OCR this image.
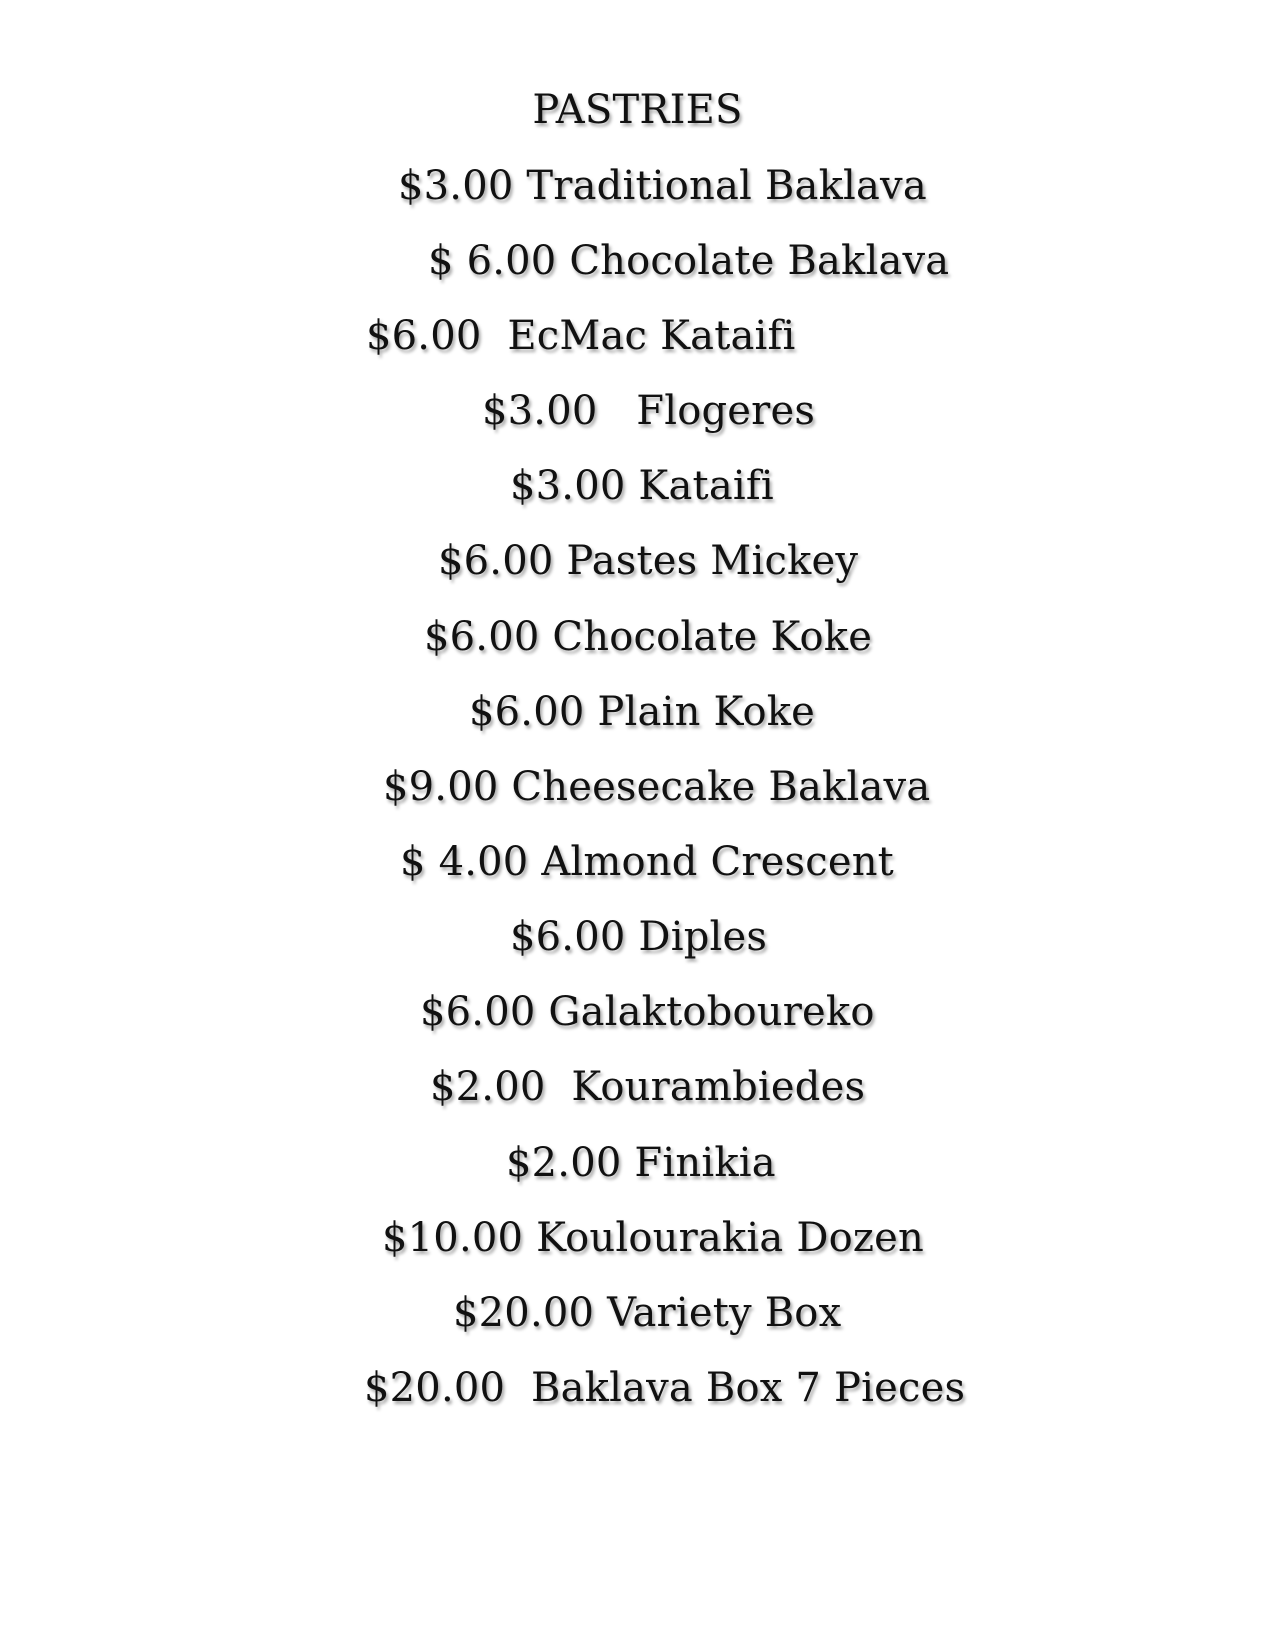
PASTRIES
$3.00 Traditional Baklava
$ 6.00 Chocolate Baklava
$6.00  EcMac Kataifi
$3.00   Flogeres
$3.00 Kataifi
$6.00 Pastes Mickey
$6.00 Chocolate Koke
$6.00 Plain Koke
$9.00 Cheesecake Baklava
$ 4.00 Almond Crescent
$6.00 Diples
$6.00 Galaktoboureko
$2.00  Kourambiedes
$2.00 Finikia
$10.00 Koulourakia Dozen
$20.00 Variety Box
$20.00  Baklava Box 7 Pieces
